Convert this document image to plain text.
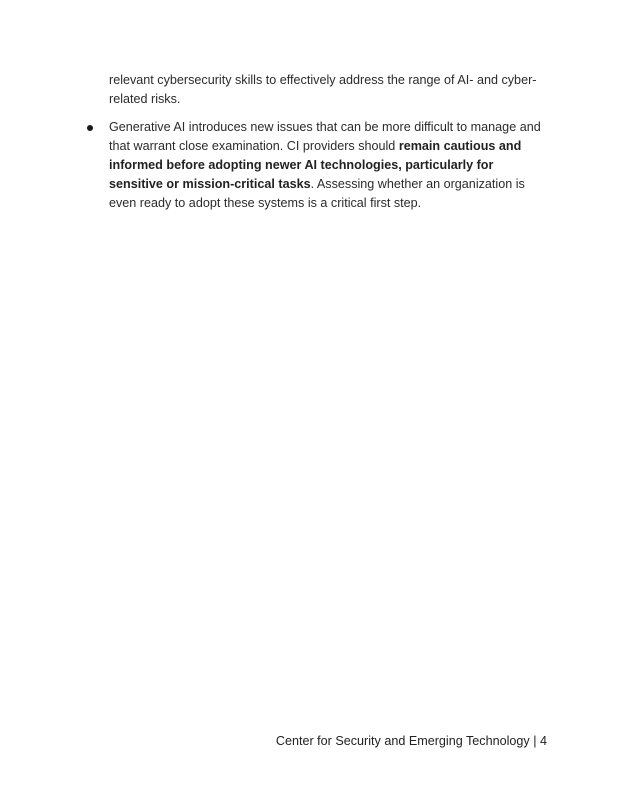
relevant cybersecurity skills to effectively address the range of AI- and cyber-related risks.

Generative AI introduces new issues that can be more difficult to manage and that warrant close examination. CI providers should remain cautious and informed before adopting newer AI technologies, particularly for sensitive or mission-critical tasks. Assessing whether an organization is even ready to adopt these systems is a critical first step.
Center for Security and Emerging Technology | 4
